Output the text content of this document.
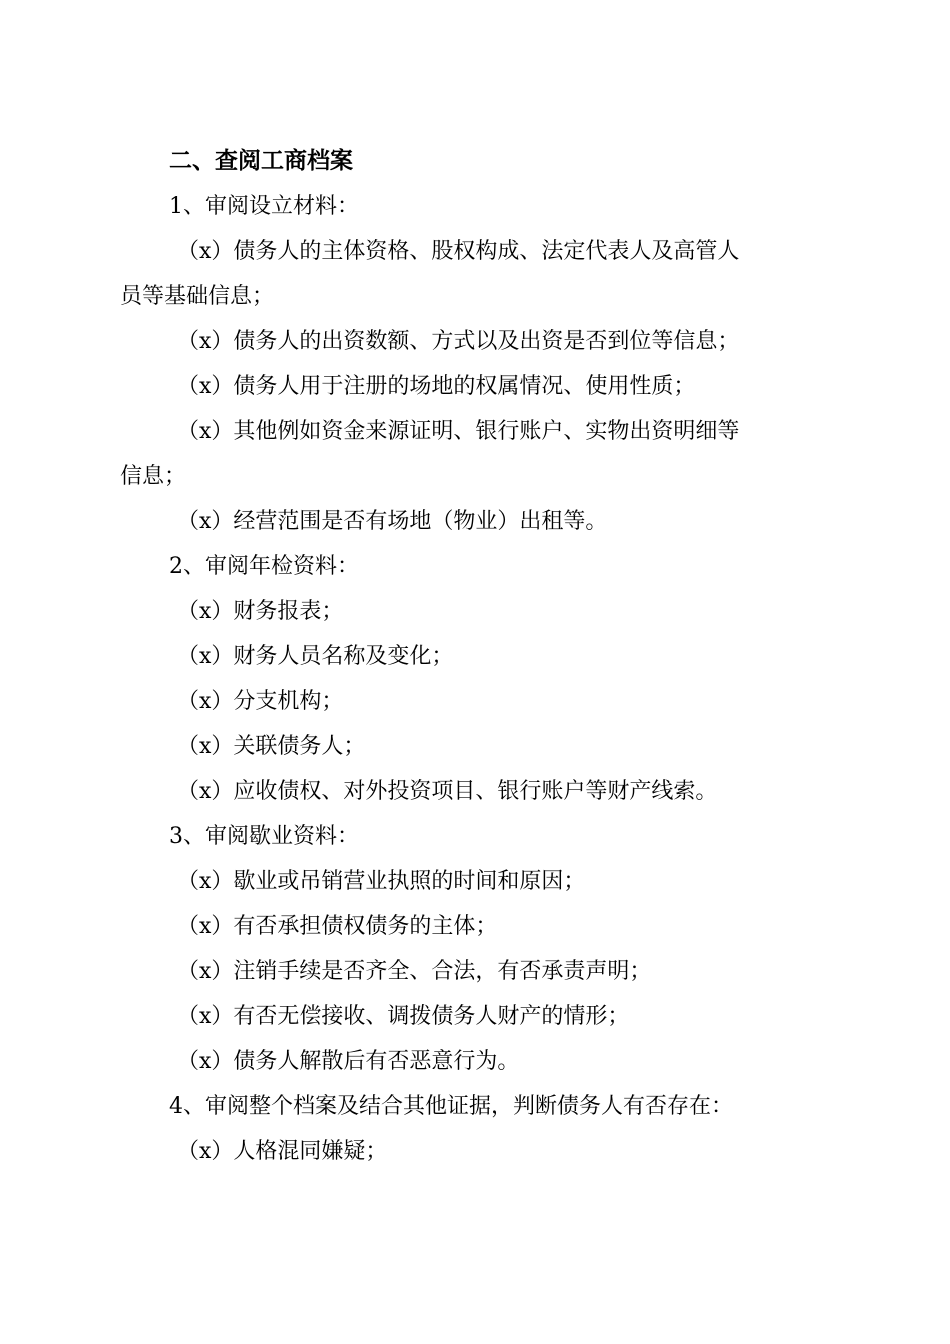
二、查阅工商档案
1、审阅设立材料：
（x）债务人的主体资格、股权构成、法定代表人及高管人
员等基础信息；
（x）债务人的出资数额、方式以及出资是否到位等信息；
（x）债务人用于注册的场地的权属情况、使用性质；
（x）其他例如资金来源证明、银行账户、实物出资明细等
信息；
（x）经营范围是否有场地（物业）出租等。
2、审阅年检资料：
（x）财务报表；
（x）财务人员名称及变化；
（x）分支机构；
（x）关联债务人；
（x）应收债权、对外投资项目、银行账户等财产线索。
3、审阅歇业资料：
（x）歇业或吊销营业执照的时间和原因；
（x）有否承担债权债务的主体；
（x）注销手续是否齐全、合法，有否承责声明；
（x）有否无偿接收、调拨债务人财产的情形；
（x）债务人解散后有否恶意行为。
4、审阅整个档案及结合其他证据，判断债务人有否存在：
（x）人格混同嫌疑；
